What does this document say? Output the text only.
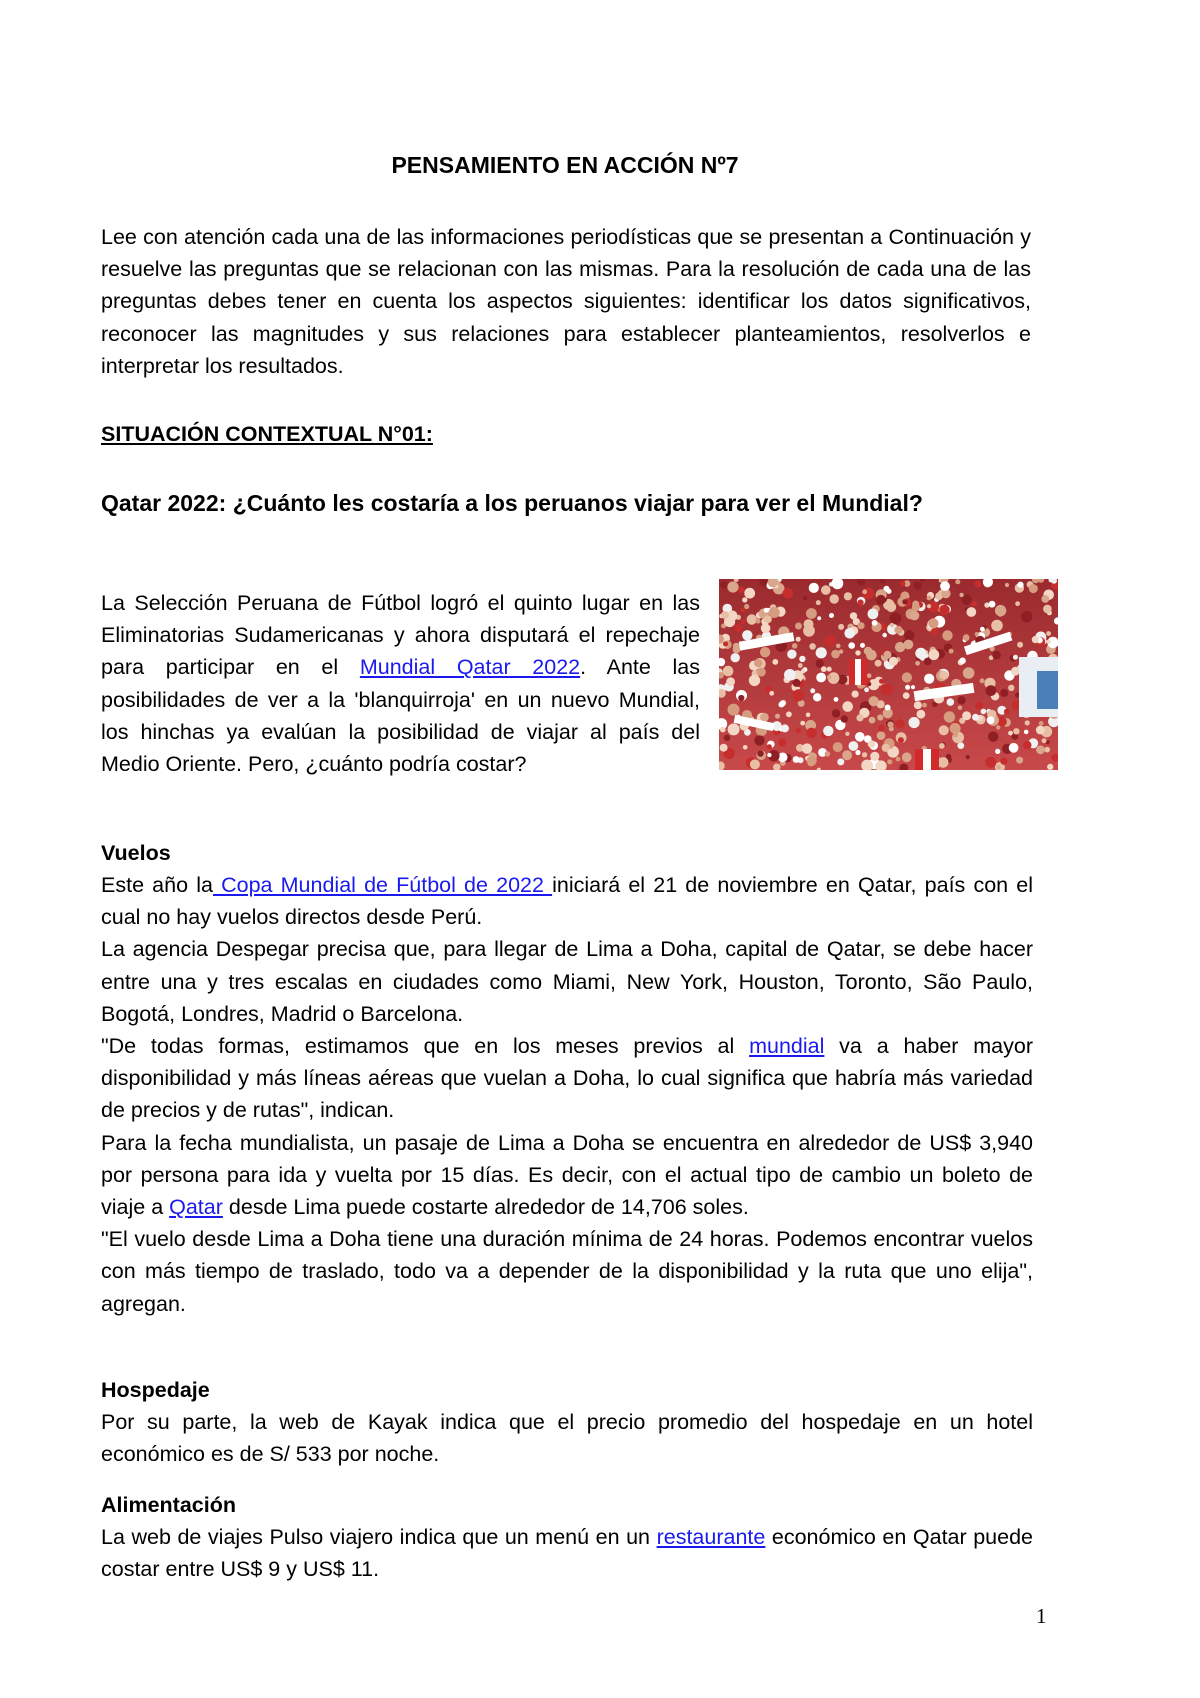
PENSAMIENTO EN ACCIÓN Nº7

Lee con atención cada una de las informaciones periodísticas que se presentan a Continuación y resuelve las preguntas que se relacionan con las mismas. Para la resolución de cada una de las preguntas debes tener en cuenta los aspectos siguientes: identificar los datos significativos, reconocer las magnitudes y sus relaciones para establecer planteamientos, resolverlos e interpretar los resultados.

SITUACIÓN CONTEXTUAL N°01:
Qatar 2022: ¿Cuánto les costaría a los peruanos viajar para ver el Mundial?

La Selección Peruana de Fútbol logró el quinto lugar en las Eliminatorias Sudamericanas y ahora disputará el repechaje para participar en el Mundial Qatar 2022. Ante las posibilidades de ver a la 'blanquirroja' en un nuevo Mundial, los hinchas ya evalúan la posibilidad de viajar al país del Medio Oriente. Pero, ¿cuánto podría costar?

Vuelos
Este año la Copa Mundial de Fútbol de 2022 iniciará el 21 de noviembre en Qatar, país con el cual no hay vuelos directos desde Perú.
La agencia Despegar precisa que, para llegar de Lima a Doha, capital de Qatar, se debe hacer entre una y tres escalas en ciudades como Miami, New York, Houston, Toronto, São Paulo, Bogotá, Londres, Madrid o Barcelona.
"De todas formas, estimamos que en los meses previos al mundial va a haber mayor disponibilidad y más líneas aéreas que vuelan a Doha, lo cual significa que habría más variedad de precios y de rutas", indican.
Para la fecha mundialista, un pasaje de Lima a Doha se encuentra en alrededor de US$ 3,940 por persona para ida y vuelta por 15 días. Es decir, con el actual tipo de cambio un boleto de viaje a Qatar desde Lima puede costarte alrededor de 14,706 soles.
"El vuelo desde Lima a Doha tiene una duración mínima de 24 horas. Podemos encontrar vuelos con más tiempo de traslado, todo va a depender de la disponibilidad y la ruta que uno elija", agregan.
Hospedaje

Por su parte, la web de Kayak indica que el precio promedio del hospedaje en un hotel económico es de S/ 533 por noche.

Alimentación

La web de viajes Pulso viajero indica que un menú en un restaurante económico en Qatar puede costar entre US$ 9 y US$ 11.

1
